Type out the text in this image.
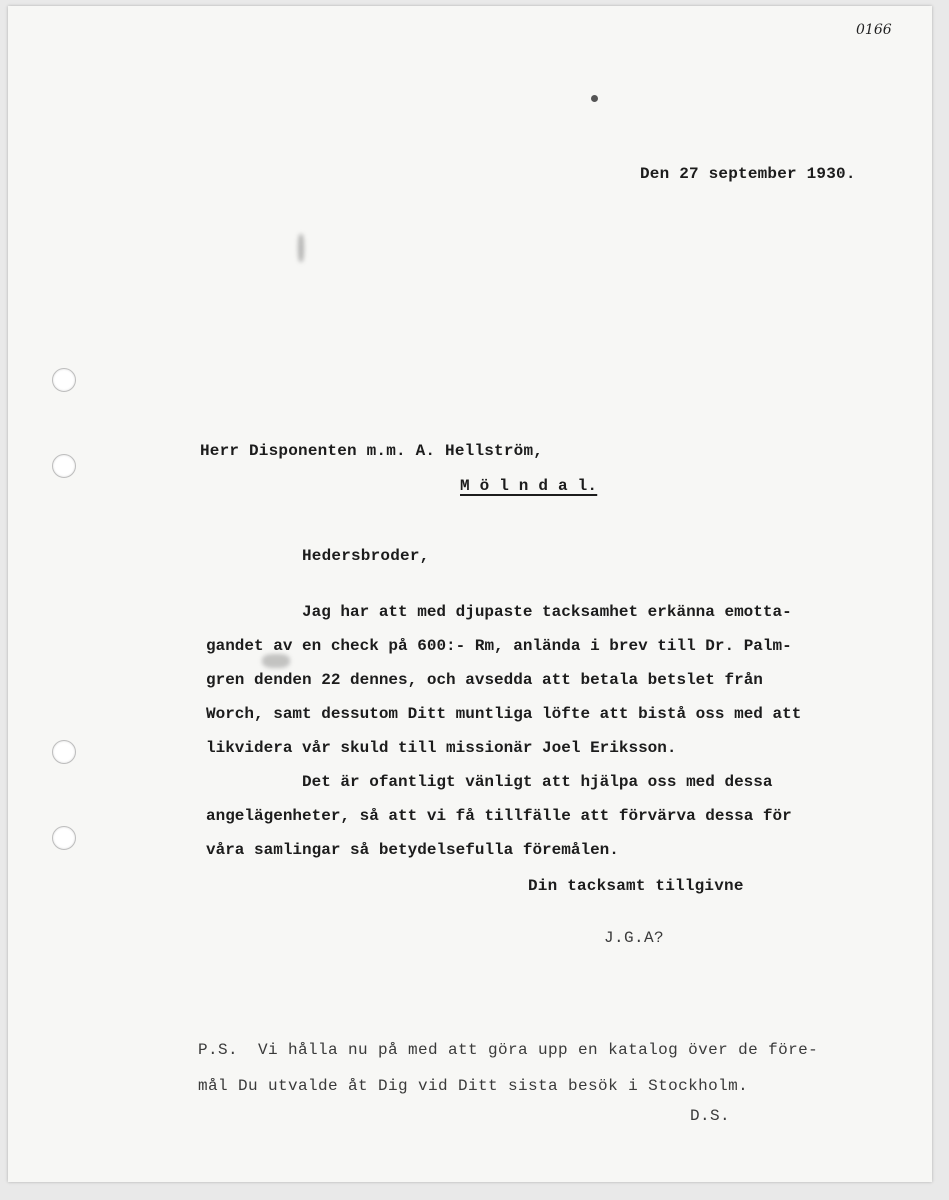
0166
Den 27 september 1930.
Herr Disponenten m.m. A. Hellström,
M ö l n d a l.
Hedersbroder,
Jag har att med djupaste tacksamhet erkänna emotta-
gandet av en check på 600:- Rm, anlända i brev till Dr. Palm-
gren denden 22 dennes, och avsedda att betala betslet från
Worch, samt dessutom Ditt muntliga löfte att bistå oss med att
likvidera vår skuld till missionär Joel Eriksson.
Det är ofantligt vänligt att hjälpa oss med dessa
angelägenheter, så att vi få tillfälle att förvärva dessa för
våra samlingar så betydelsefulla föremålen.
Din tacksamt tillgivne
J.G.A?
P.S.  Vi hålla nu på med att göra upp en katalog över de före-
mål Du utvalde åt Dig vid Ditt sista besök i Stockholm.
D.S.
